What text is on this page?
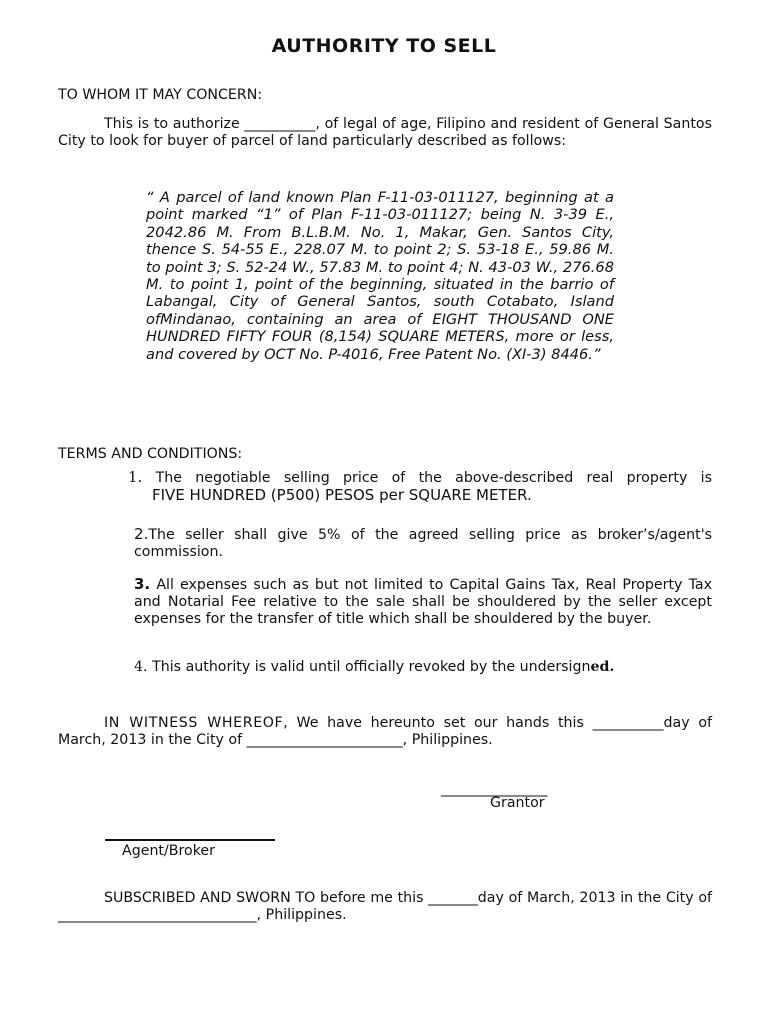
AUTHORITY TO SELL
TO WHOM IT MAY CONCERN:
This is to authorize __________, of legal of age, Filipino and resident of General Santos City to look for buyer of parcel of land particularly described as follows:
“ A parcel of land known Plan F-11-03-011127, beginning at a point marked “1” of Plan F-11-03-011127; being N. 3-39 E., 2042.86 M. From B.L.B.M. No. 1, Makar, Gen. Santos City, thence S. 54-55 E., 228.07 M. to point 2; S. 53-18 E., 59.86 M. to point 3; S. 52-24 W., 57.83 M. to point 4; N. 43-03 W., 276.68 M. to point 1, point of the beginning, situated in the barrio of Labangal, City of General Santos, south Cotabato, Island ofMindanao, containing an area of EIGHT THOUSAND ONE HUNDRED FIFTY FOUR (8,154) SQUARE METERS, more or less, and covered by OCT No. P-4016, Free Patent No. (XI-3) 8446.”
TERMS AND CONDITIONS:
1. The negotiable selling price of the above-described real property is
FIVE HUNDRED (P500) PESOS per SQUARE METER.
2.The seller shall give 5% of the agreed selling price as broker’s/agent's commission.
3. All expenses such as but not limited to Capital Gains Tax, Real Property Tax and Notarial Fee relative to the sale shall be shouldered by the seller except expenses for the transfer of title which shall be shouldered by the buyer.
4. This authority is valid until officially revoked by the undersigned.
IN WITNESS WHEREOF, We have hereunto set our hands this __________day of March, 2013 in the City of ______________________, Philippines.
_______________
Grantor
Agent/Broker
SUBSCRIBED AND SWORN TO before me this _______day of March, 2013 in the City of ____________________________, Philippines.
